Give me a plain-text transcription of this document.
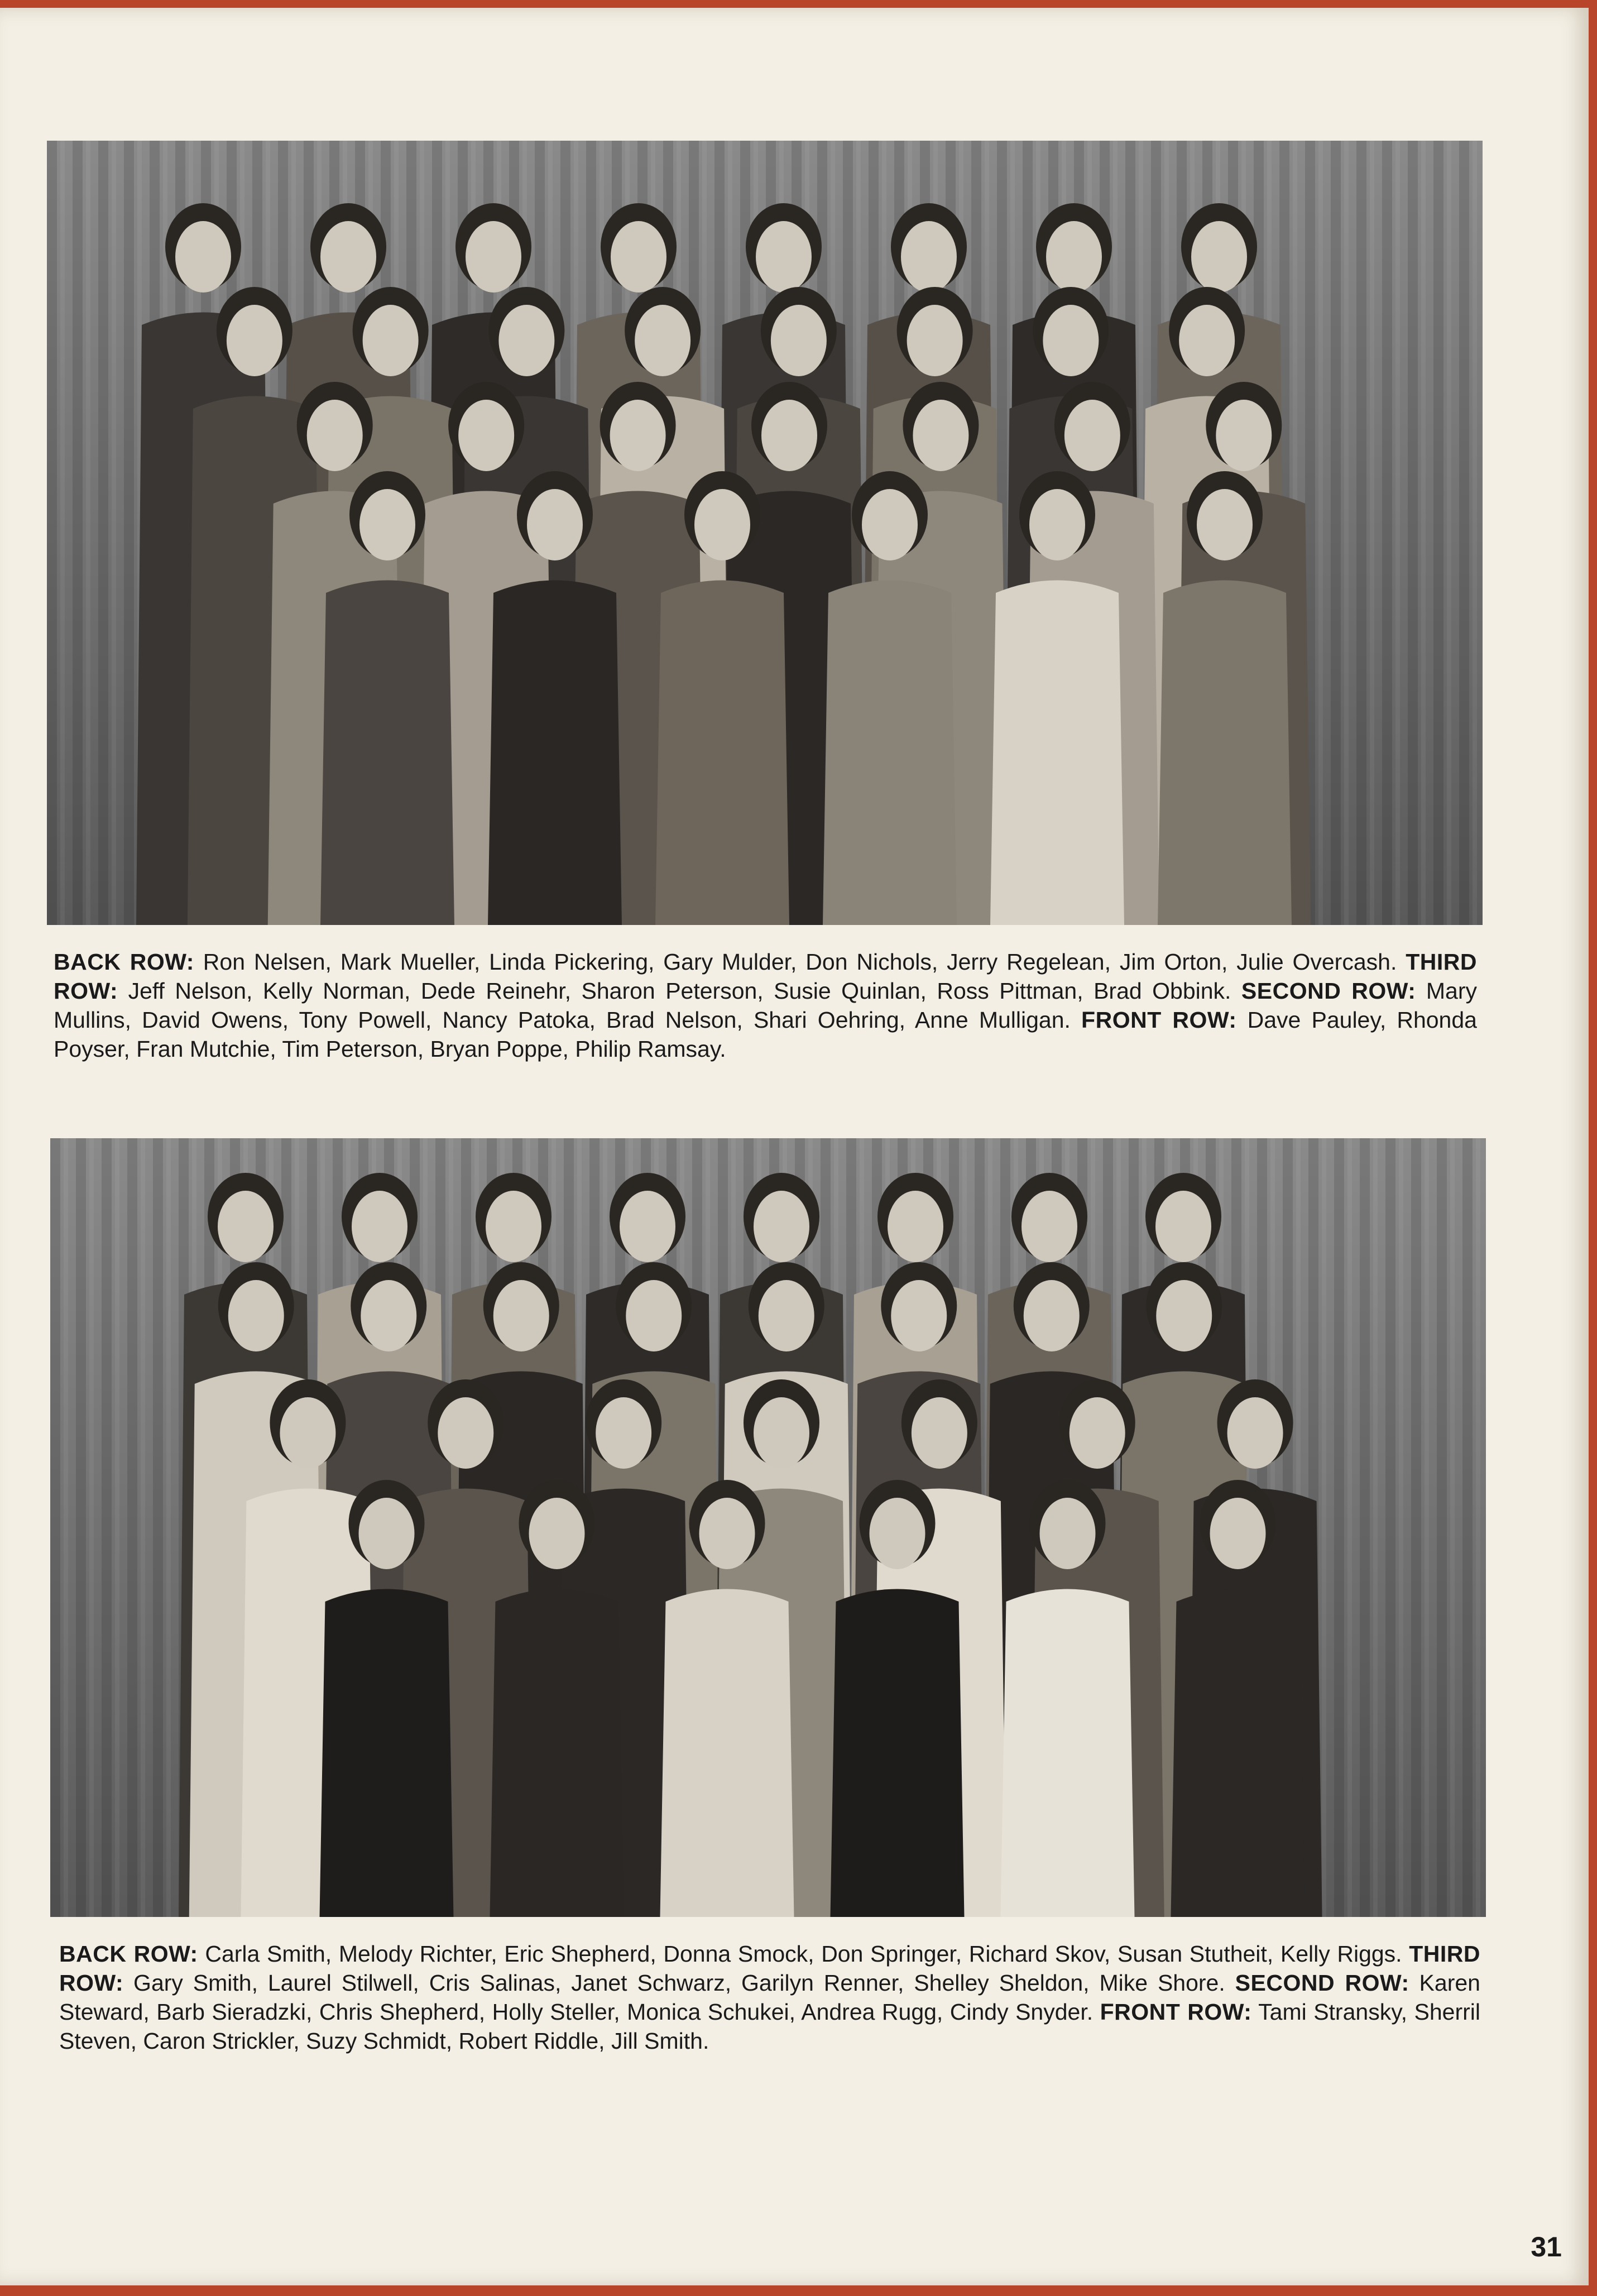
BACK ROW: Ron Nelsen, Mark Mueller, Linda Pickering, Gary Mulder, Don Nichols, Jerry Regelean, Jim Orton, Julie Overcash. THIRD ROW: Jeff Nelson, Kelly Norman, Dede Reinehr, Sharon Peterson, Susie Quinlan, Ross Pittman, Brad Obbink. SECOND ROW: Mary Mullins, David Owens, Tony Powell, Nancy Patoka, Brad Nelson, Shari Oehring, Anne Mulligan. FRONT ROW: Dave Pauley, Rhonda Poyser, Fran Mutchie, Tim Peterson, Bryan Poppe, Philip Ramsay.
BACK ROW: Carla Smith, Melody Richter, Eric Shepherd, Donna Smock, Don Springer, Richard Skov, Susan Stutheit, Kelly Riggs. THIRD ROW: Gary Smith, Laurel Stilwell, Cris Salinas, Janet Schwarz, Garilyn Renner, Shelley Sheldon, Mike Shore. SECOND ROW: Karen Steward, Barb Sieradzki, Chris Shepherd, Holly Steller, Monica Schukei, Andrea Rugg, Cindy Snyder. FRONT ROW: Tami Stransky, Sherril Steven, Caron Strickler, Suzy Schmidt, Robert Riddle, Jill Smith.
31
